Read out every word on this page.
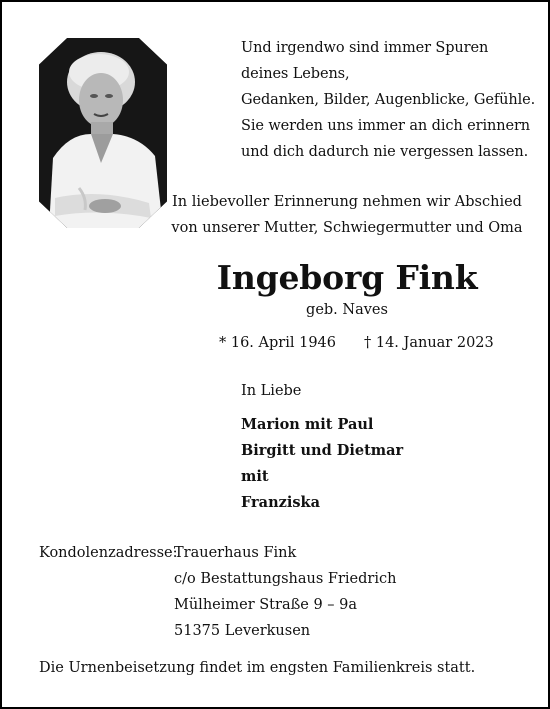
Und irgendwo sind immer Spuren
deines Lebens,
Gedanken, Bilder, Augenblicke, Gefühle.
Sie werden uns immer an dich erinnern
und dich dadurch nie vergessen lassen.
In liebevoller Erinnerung nehmen wir Abschied
von unserer Mutter, Schwiegermutter und Oma
Ingeborg Fink
geb. Naves
* 16. April 1946 † 14. Januar 2023
In Liebe
Marion mit Paul
Birgitt und Dietmar
mit
Franziska
Kondolenzadresse:
Trauerhaus Fink
c/o Bestattungshaus Friedrich
Mülheimer Straße 9 – 9a
51375 Leverkusen
Die Urnenbeisetzung findet im engsten Familienkreis statt.
